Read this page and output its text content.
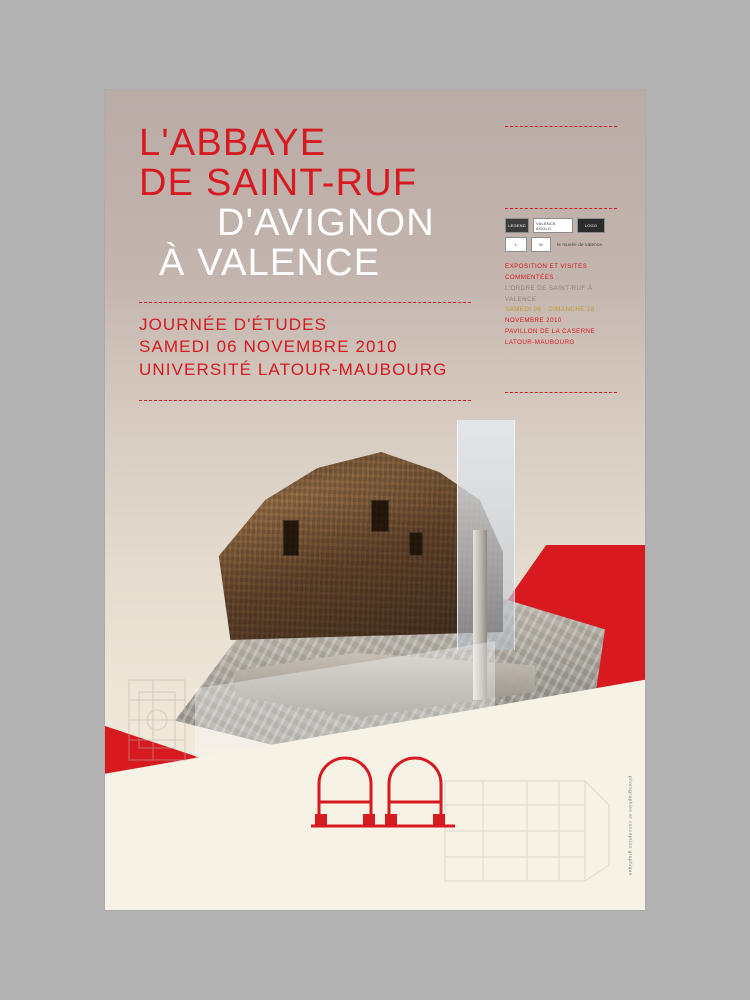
L'ABBAYE
DE SAINT-RUF
D'AVIGNON
À VALENCE
JOURNÉE D'ÉTUDES
SAMEDI 06 NOVEMBRE 2010
UNIVERSITÉ LATOUR-MAUBOURG
LEGEND	VALENCE AGGLO	LOGO
L	M	le musée de valence.
EXPOSITION ET VISITES
COMMENTÉES :
L'ORDRE DE SAINT-RUF À VALENCE
SAMEDI 06 · DIMANCHE 28
NOVEMBRE 2010
PAVILLON DE LA CASERNE
LATOUR-MAUBOURG
photographies et conception graphique
